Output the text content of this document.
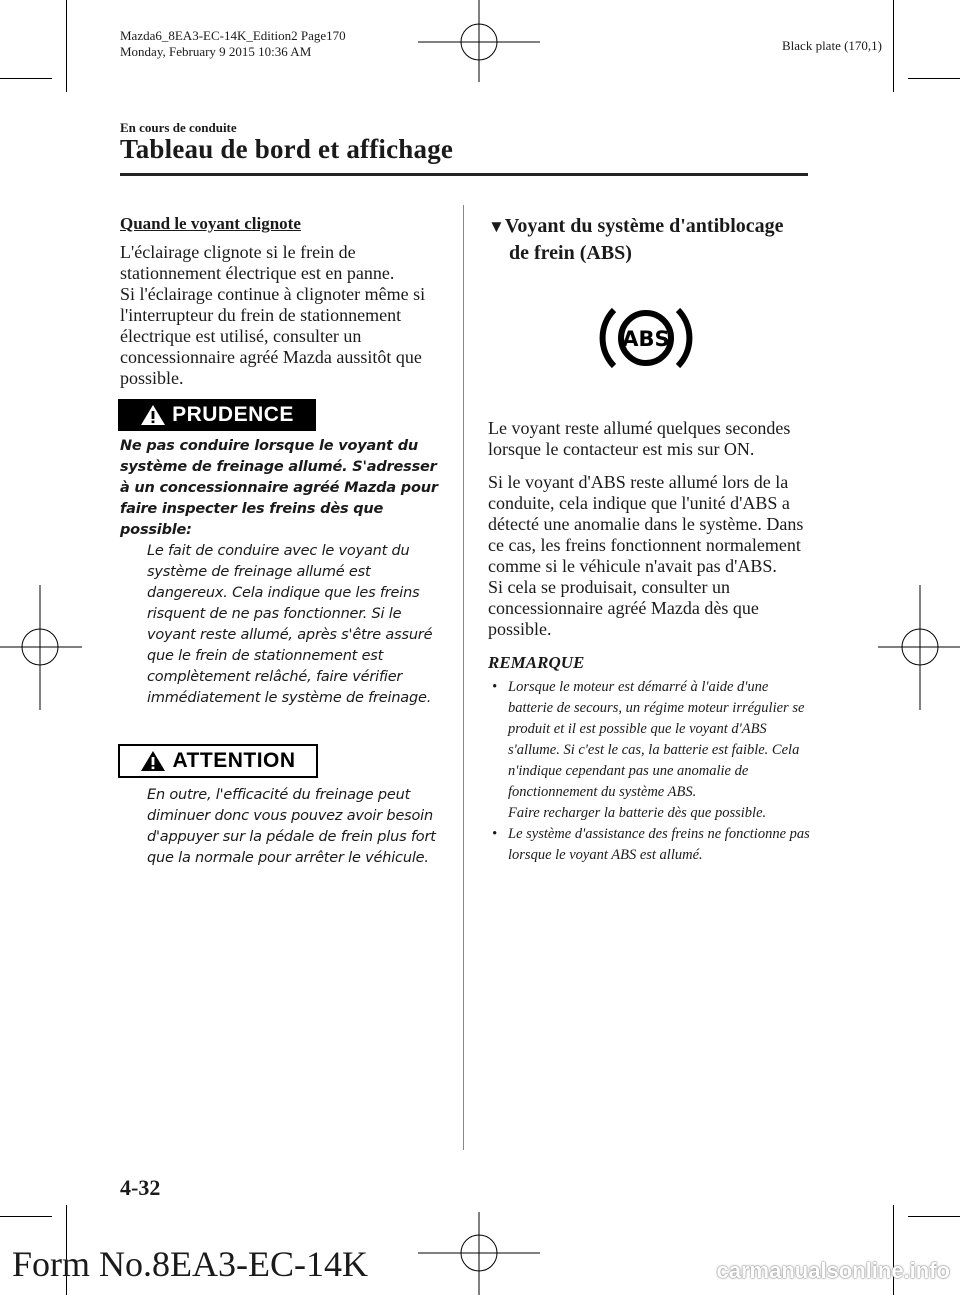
Mazda6_8EA3-EC-14K_Edition2 Page170
Monday, February 9 2015 10:36 AM	Black plate (170,1)
En cours de conduite
Tableau de bord et affichage
Quand le voyant clignote

L'éclairage clignote si le frein de stationnement électrique est en panne.

Si l'éclairage continue à clignoter même si l'interrupteur du frein de stationnement électrique est utilisé, consulter un concessionnaire agréé Mazda aussitôt que possible.

PRUDENCE
Ne pas conduire lorsque le voyant du système de freinage allumé. S'adresser à un concessionnaire agréé Mazda pour faire inspecter les freins dès que possible:
Le fait de conduire avec le voyant du système de freinage allumé est dangereux. Cela indique que les freins risquent de ne pas fonctionner. Si le voyant reste allumé, après s'être assuré que le frein de stationnement est complètement relâché, faire vérifier immédiatement le système de freinage.
ATTENTION
En outre, l'efficacité du freinage peut diminuer donc vous pouvez avoir besoin d'appuyer sur la pédale de frein plus fort que la normale pour arrêter le véhicule.
▼Voyant du système d'antiblocage
de frein (ABS)
ABS

Le voyant reste allumé quelques secondes lorsque le contacteur est mis sur ON.

Si le voyant d'ABS reste allumé lors de la conduite, cela indique que l'unité d'ABS a détecté une anomalie dans le système. Dans ce cas, les freins fonctionnent normalement comme si le véhicule n'avait pas d'ABS.

Si cela se produisait, consulter un concessionnaire agréé Mazda dès que possible.

REMARQUE
• Lorsque le moteur est démarré à l'aide d'une batterie de secours, un régime moteur irrégulier se produit et il est possible que le voyant d'ABS s'allume. Si c'est le cas, la batterie est faible. Cela n'indique cependant pas une anomalie de fonctionnement du système ABS.
Faire recharger la batterie dès que possible.
• Le système d'assistance des freins ne fonctionne pas lorsque le voyant ABS est allumé.
4-32
Form No.8EA3-EC-14K	carmanualsonline.info
